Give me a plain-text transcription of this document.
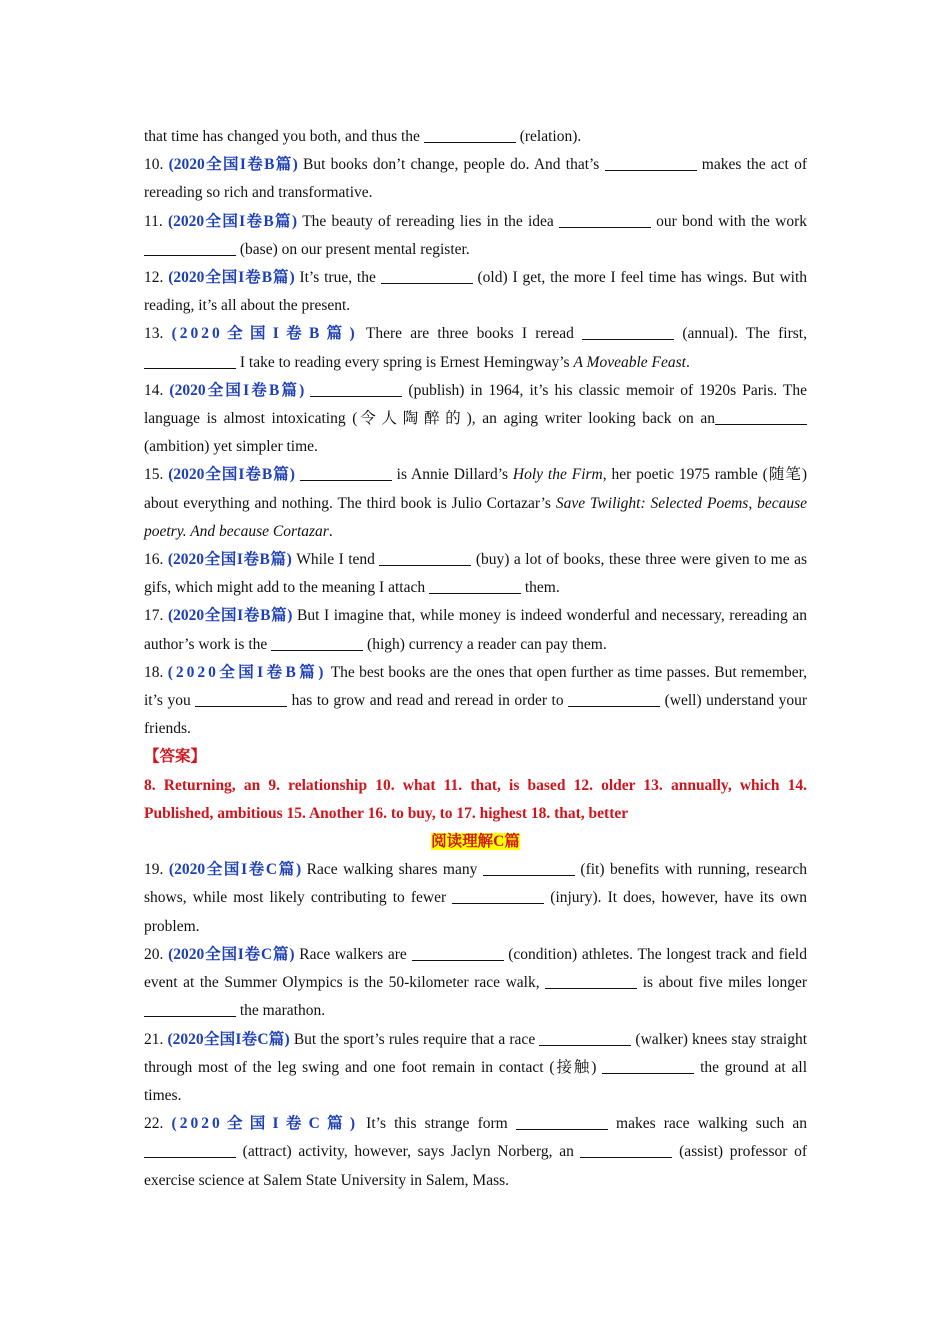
that time has changed you both, and thus the	(relation).

10. (2020全国I卷B篇) But books don’t change, people do. And that’s	makes the act of rereading so rich and transformative.

11. (2020全国I卷B篇) The beauty of rereading lies in the idea	our bond with the work  (base) on our present mental register.

12. (2020全国I卷B篇) It’s true, the	(old) I get, the more I feel time has wings. But with reading, it’s all about the present.

13. (2020全国I卷B篇) There are three books I reread	(annual). The first,  I take to reading every spring is Ernest Hemingway’s A Moveable Feast.

14. (2020全国I卷B篇)	(publish) in 1964, it’s his classic memoir of 1920s Paris. The language is almost intoxicating (令人陶醉的), an aging writer looking back on an (ambition) yet simpler time.

15. (2020全国I卷B篇)	is Annie Dillard’s Holy the Firm, her poetic 1975 ramble (随笔) about everything and nothing. The third book is Julio Cortazar’s Save Twilight: Selected Poems, because poetry. And because Cortazar.

16. (2020全国I卷B篇) While I tend	(buy) a lot of books, these three were given to me as gifs, which might add to the meaning I attach	them.

17. (2020全国I卷B篇) But I imagine that, while money is indeed wonderful and necessary, rereading an author’s work is the	(high) currency a reader can pay them.

18. (2020全国I卷B篇) The best books are the ones that open further as time passes. But remember, it’s you	has to grow and read and reread in order to	(well) understand your friends.

【答案】

8. Returning, an 9. relationship 10. what 11. that, is based 12. older 13. annually, which 14. Published, ambitious 15. Another 16. to buy, to 17. highest 18. that, better

阅读理解C篇

19. (2020全国I卷C篇) Race walking shares many	(fit) benefits with running, research shows, while most likely contributing to fewer	(injury). It does, however, have its own problem.

20. (2020全国I卷C篇) Race walkers are	(condition) athletes. The longest track and field event at the Summer Olympics is the 50-kilometer race walk,	is about five miles longer  the marathon.

21. (2020全国I卷C篇) But the sport’s rules require that a race	(walker) knees stay straight through most of the leg swing and one foot remain in contact (接触)	the ground at all times.

22. (2020全国I卷C篇) It’s this strange form	makes race walking such an  (attract) activity, however, says Jaclyn Norberg, an	(assist) professor of exercise science at Salem State University in Salem, Mass.
